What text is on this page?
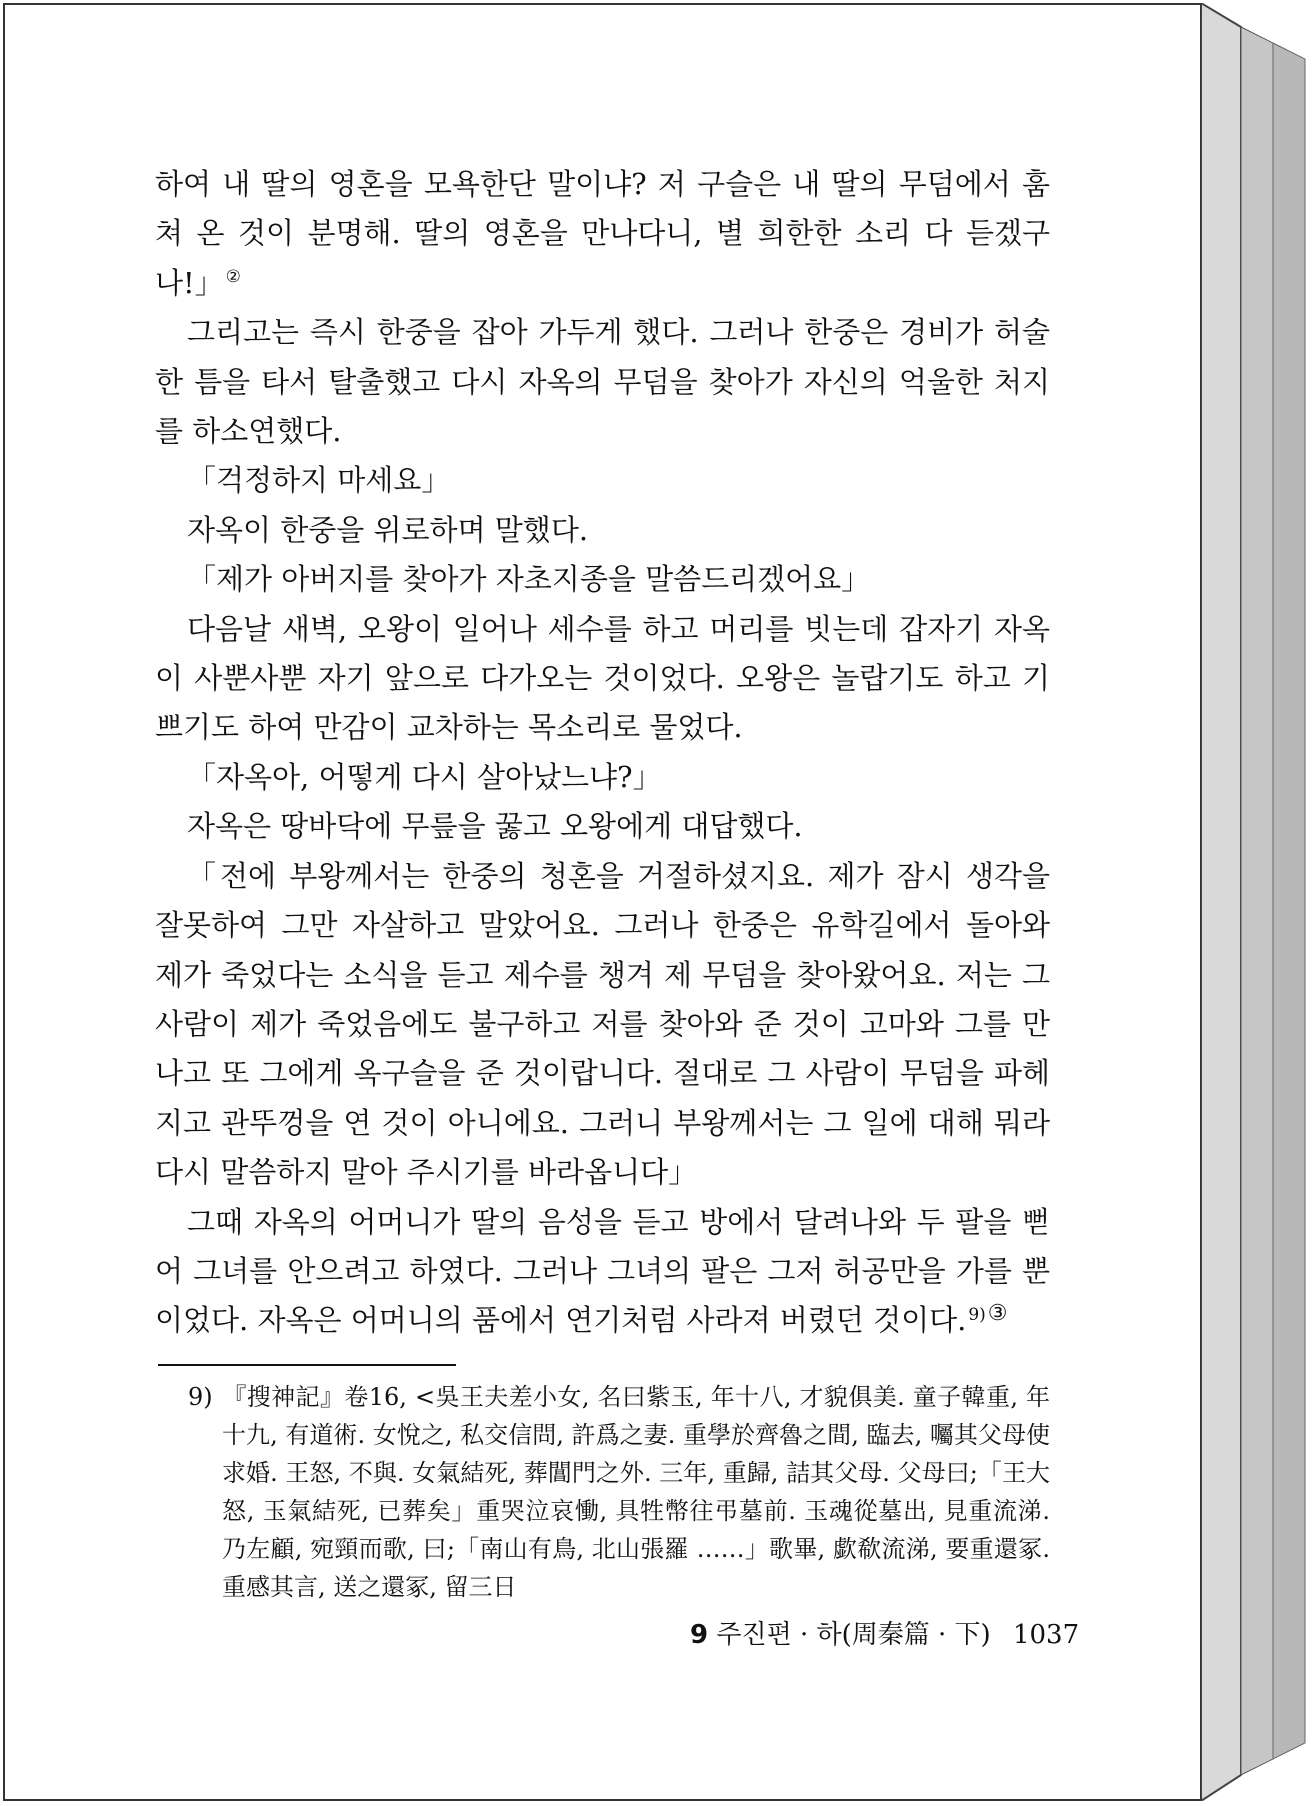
하여 내 딸의 영혼을 모욕한단 말이냐? 저 구슬은 내 딸의 무덤에서 훔쳐 온 것이 분명해. 딸의 영혼을 만나다니, 별 희한한 소리 다 듣겠구나!」 ②

그리고는 즉시 한중을 잡아 가두게 했다. 그러나 한중은 경비가 허술한 틈을 타서 탈출했고 다시 자옥의 무덤을 찾아가 자신의 억울한 처지를 하소연했다.

「걱정하지 마세요」

자옥이 한중을 위로하며 말했다.

「제가 아버지를 찾아가 자초지종을 말씀드리겠어요」

다음날 새벽, 오왕이 일어나 세수를 하고 머리를 빗는데 갑자기 자옥이 사뿐사뿐 자기 앞으로 다가오는 것이었다. 오왕은 놀랍기도 하고 기쁘기도 하여 만감이 교차하는 목소리로 물었다.

「자옥아, 어떻게 다시 살아났느냐?」

자옥은 땅바닥에 무릎을 꿇고 오왕에게 대답했다.

「전에 부왕께서는 한중의 청혼을 거절하셨지요. 제가 잠시 생각을 잘못하여 그만 자살하고 말았어요. 그러나 한중은 유학길에서 돌아와 제가 죽었다는 소식을 듣고 제수를 챙겨 제 무덤을 찾아왔어요. 저는 그 사람이 제가 죽었음에도 불구하고 저를 찾아와 준 것이 고마와 그를 만나고 또 그에게 옥구슬을 준 것이랍니다. 절대로 그 사람이 무덤을 파헤지고 관뚜껑을 연 것이 아니에요. 그러니 부왕께서는 그 일에 대해 뭐라 다시 말씀하지 말아 주시기를 바라옵니다」

그때 자옥의 어머니가 딸의 음성을 듣고 방에서 달려나와 두 팔을 뻗어 그녀를 안으려고 하였다. 그러나 그녀의 팔은 그저 허공만을 가를 뿐이었다. 자옥은 어머니의 품에서 연기처럼 사라져 버렸던 것이다. $^{9)③}$

9) 『搜神記』卷16, <吳王夫差小女, 名曰紫玉, 年十八, 才貌俱美. 童子韓重, 年十九, 有道術. 女悅之, 私交信問, 許爲之妻. 重學於齊魯之間, 臨去, 囑其父母使求婚. 王怒, 不與. 女氣結死, 葬閶門之外. 三年, 重歸, 詰其父母. 父母曰;「王大怒, 玉氣結死, 已葬矣」重哭泣哀慟, 具牲幣往弔墓前. 玉魂從墓出, 見重流涕. 乃左顧, 宛頸而歌, 曰;「南山有鳥, 北山張羅 ……」歌畢, 歔欷流涕, 要重還冢. 重感其言, 送之還冢, 留三日

9 주진편 · 하(周秦篇 · 下) 1037
